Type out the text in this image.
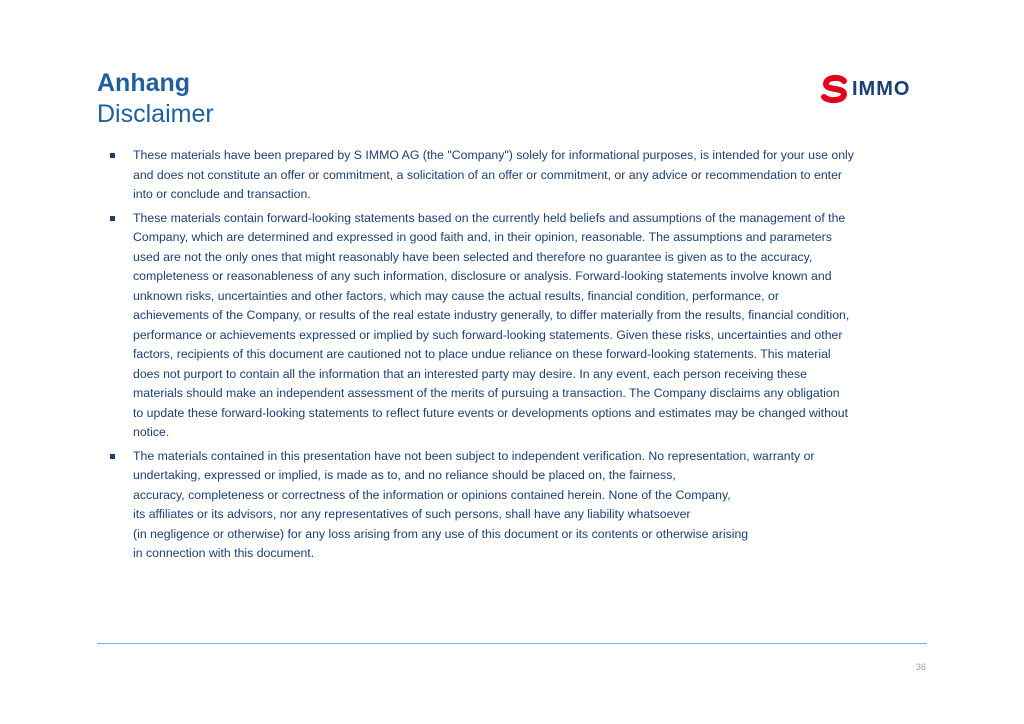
Anhang
Disclaimer
IMMO
These materials have been prepared by S IMMO AG (the "Company") solely for informational purposes, is intended for your use only
and does not constitute an offer or commitment, a solicitation of an offer or commitment, or any advice or recommendation to enter
into or conclude and transaction.
These materials contain forward-looking statements based on the currently held beliefs and assumptions of the management of the
Company, which are determined and expressed in good faith and, in their opinion, reasonable. The assumptions and parameters
used are not the only ones that might reasonably have been selected and therefore no guarantee is given as to the accuracy,
completeness or reasonableness of any such information, disclosure or analysis. Forward-looking statements involve known and
unknown risks, uncertainties and other factors, which may cause the actual results, financial condition, performance, or
achievements of the Company, or results of the real estate industry generally, to differ materially from the results, financial condition,
performance or achievements expressed or implied by such forward-looking statements. Given these risks, uncertainties and other
factors, recipients of this document are cautioned not to place undue reliance on these forward-looking statements. This material
does not purport to contain all the information that an interested party may desire. In any event, each person receiving these
materials should make an independent assessment of the merits of pursuing a transaction. The Company disclaims any obligation
to update these forward-looking statements to reflect future events or developments options and estimates may be changed without
notice.
The materials contained in this presentation have not been subject to independent verification. No representation, warranty or
undertaking, expressed or implied, is made as to, and no reliance should be placed on, the fairness,
accuracy, completeness or correctness of the information or opinions contained herein. None of the Company,
its affiliates or its advisors, nor any representatives of such persons, shall have any liability whatsoever
(in negligence or otherwise) for any loss arising from any use of this document or its contents or otherwise arising
in connection with this document.
36
